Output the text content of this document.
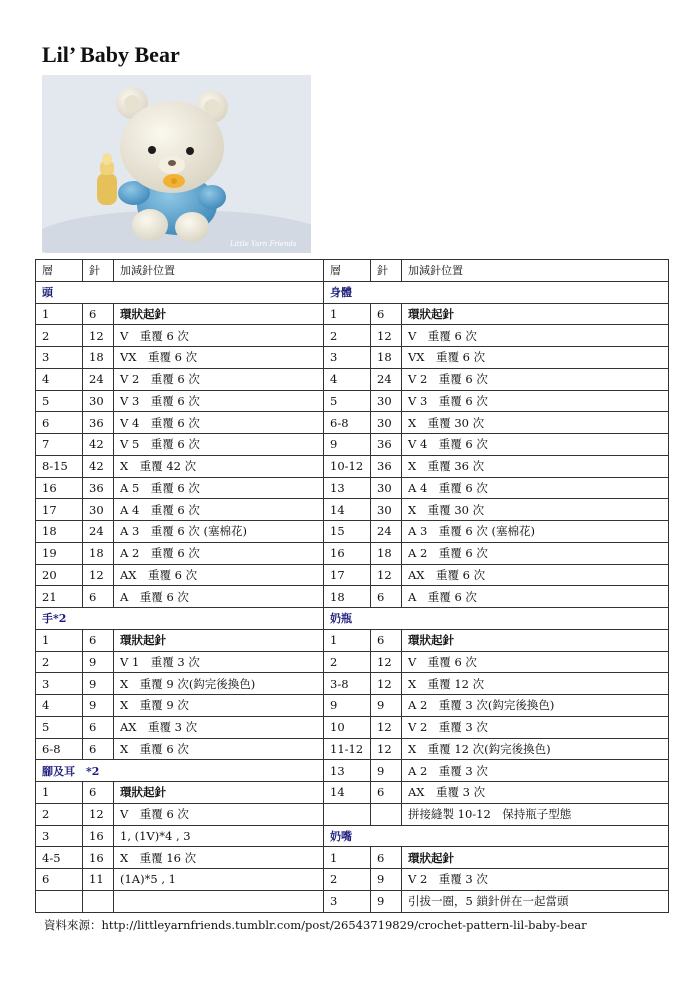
Lil’ Baby Bear
Little Yarn Friends
層	針	加減針位置	層	針	加減針位置
頭			身體		
1	6	環狀起針	1	6	環狀起針
2	12	V　重覆 6 次	2	12	V　重覆 6 次
3	18	VX　重覆 6 次	3	18	VX　重覆 6 次
4	24	V 2　重覆 6 次	4	24	V 2　重覆 6 次
5	30	V 3　重覆 6 次	5	30	V 3　重覆 6 次
6	36	V 4　重覆 6 次	6-8	30	X　重覆 30 次
7	42	V 5　重覆 6 次	9	36	V 4　重覆 6 次
8-15	42	X　重覆 42 次	10-12	36	X　重覆 36 次
16	36	A 5　重覆 6 次	13	30	A 4　重覆 6 次
17	30	A 4　重覆 6 次	14	30	X　重覆 30 次
18	24	A 3　重覆 6 次 (塞棉花)	15	24	A 3　重覆 6 次 (塞棉花)
19	18	A 2　重覆 6 次	16	18	A 2　重覆 6 次
20	12	AX　重覆 6 次	17	12	AX　重覆 6 次
21	6	A　重覆 6 次	18	6	A　重覆 6 次
手*2			奶瓶		
1	6	環狀起針	1	6	環狀起針
2	9	V 1　重覆 3 次	2	12	V　重覆 6 次
3	9	X　重覆 9 次(鈎完後換色)	3-8	12	X　重覆 12 次
4	9	X　重覆 9 次	9	9	A 2　重覆 3 次(鈎完後換色)
5	6	AX　重覆 3 次	10	12	V 2　重覆 3 次
6-8	6	X　重覆 6 次	11-12	12	X　重覆 12 次(鈎完後換色)
腳及耳　*2			13	9	A 2　重覆 3 次
1	6	環狀起針	14	6	AX　重覆 3 次
2	12	V　重覆 6 次			拼接縫製 10-12　保持瓶子型態
3	16	1, (1V)*4 , 3	奶嘴		
4-5	16	X　重覆 16 次	1	6	環狀起針
6	11	(1A)*5 , 1	2	9	V 2　重覆 3 次
			3	9	引拔一圈，5 鎖針併在一起當頭
資料來源：http://littleyarnfriends.tumblr.com/post/26543719829/crochet-pattern-lil-baby-bear
